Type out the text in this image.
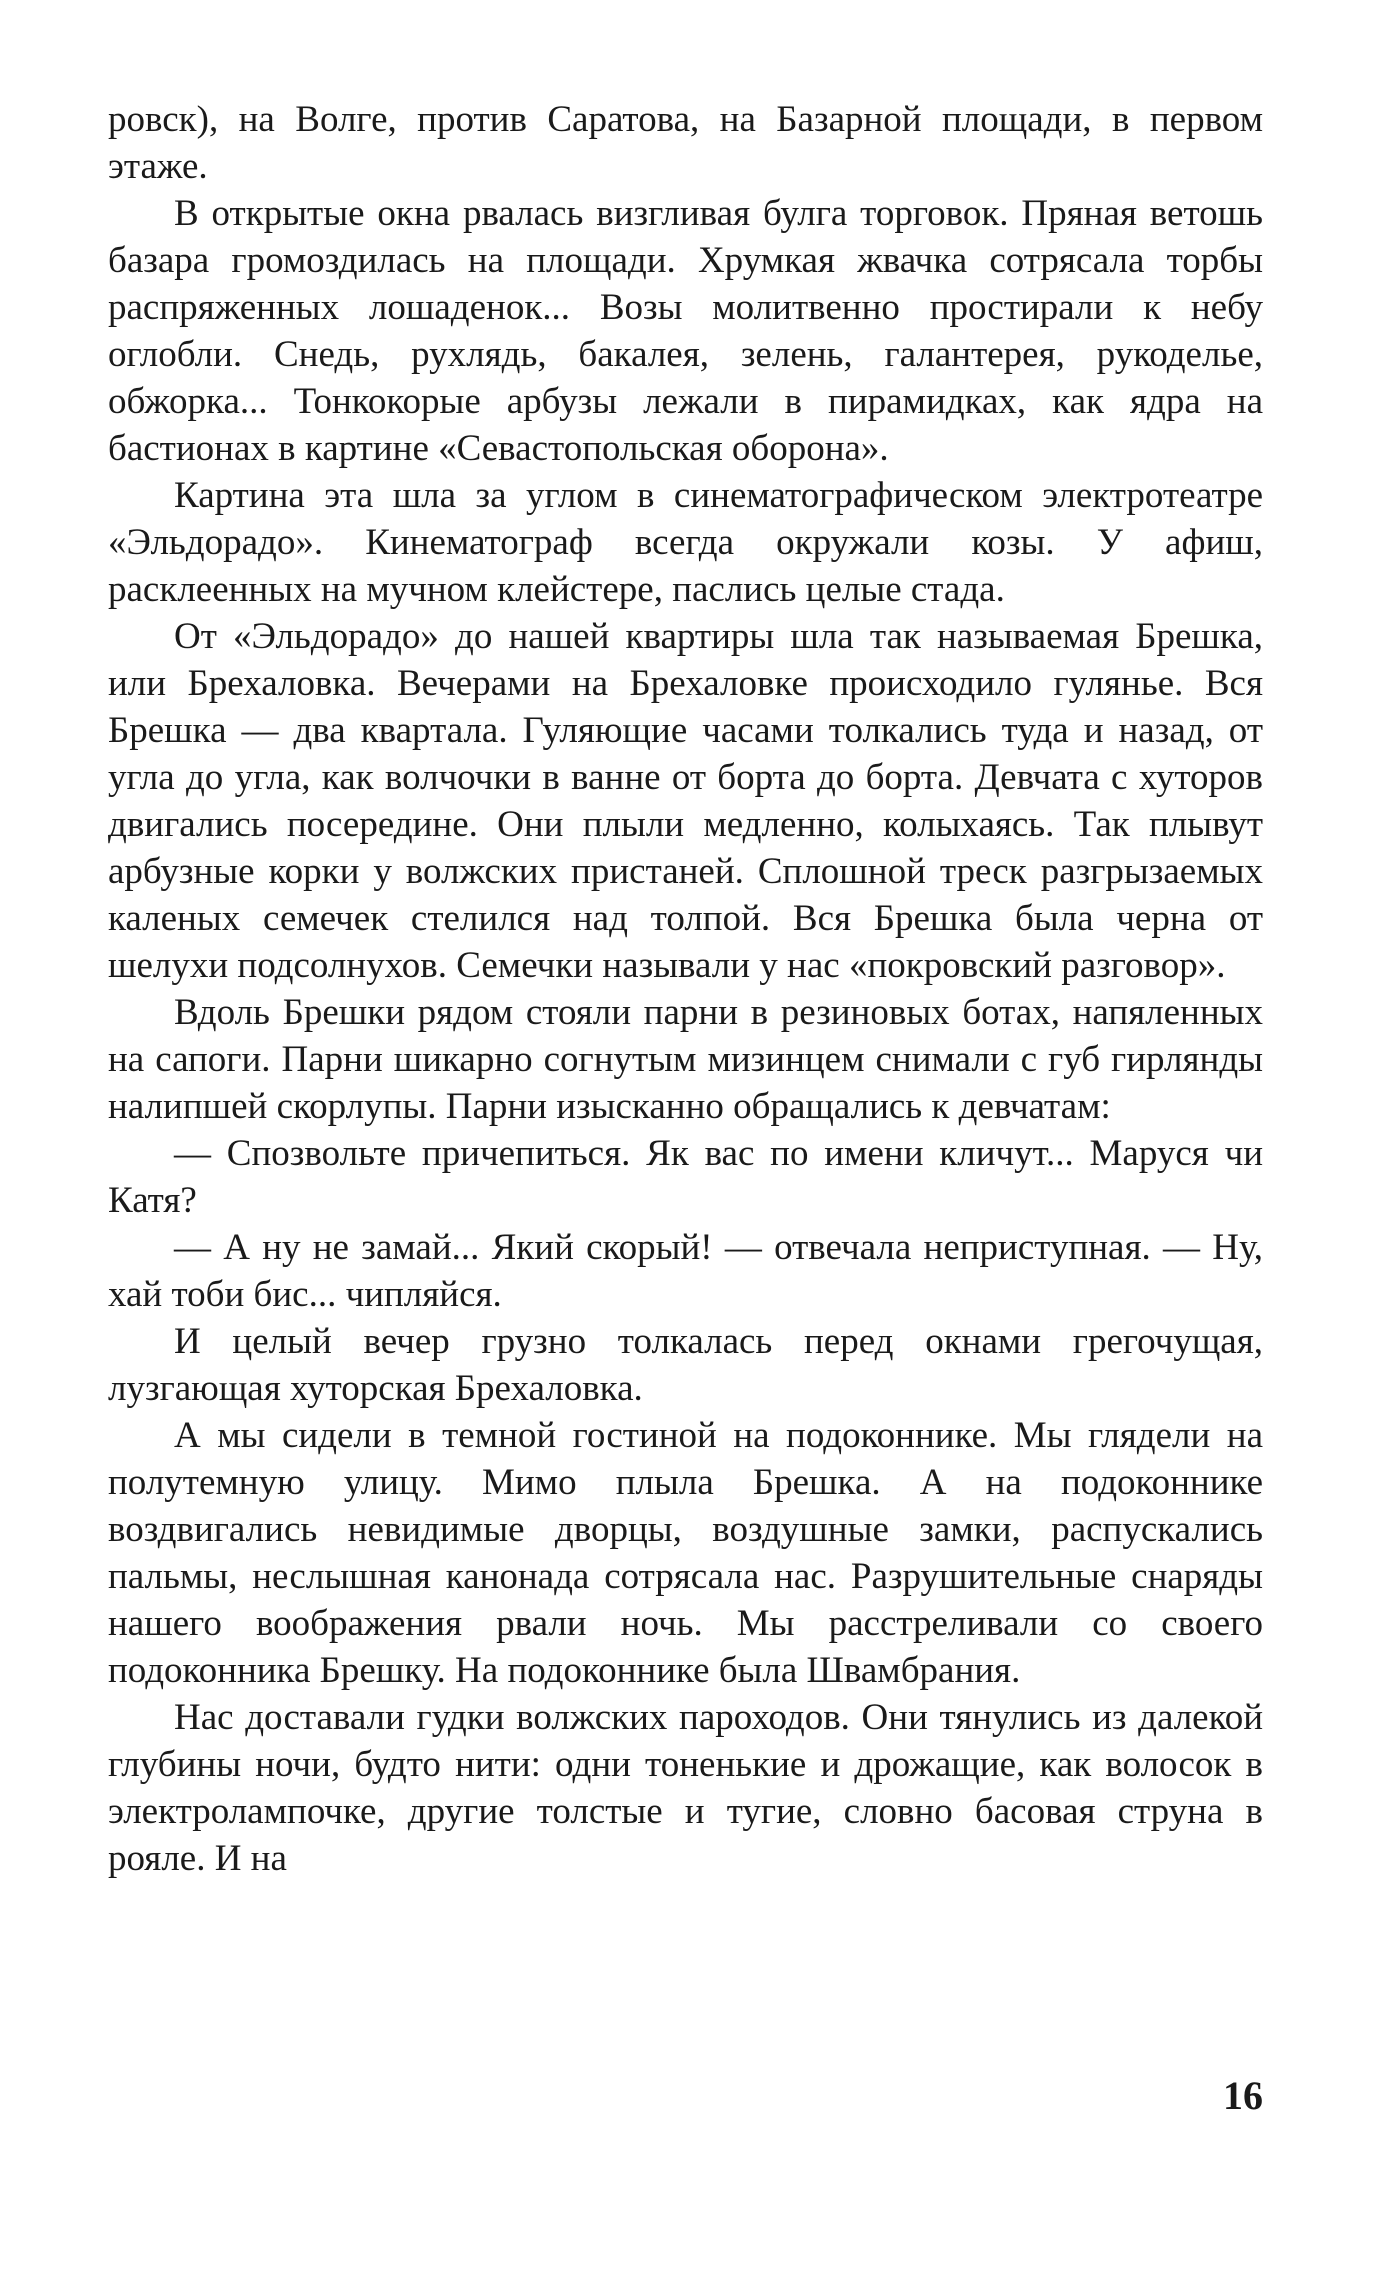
ровск), на Волге, против Саратова, на Базарной площади, в первом этаже.

В открытые окна рвалась визгливая булга торговок. Пряная ветошь базара громоздилась на площади. Хрумкая жвачка сотрясала торбы распряженных лошаденок... Возы молитвенно простирали к небу оглобли. Снедь, рухлядь, бакалея, зелень, галантерея, рукоделье, обжорка... Тонкокорые арбузы лежали в пирамидках, как ядра на бастионах в картине «Севастопольская оборона».

Картина эта шла за углом в синематографическом электротеатре «Эльдорадо». Кинематограф всегда окружали козы. У афиш, расклеенных на мучном клейстере, паслись целые стада.

От «Эльдорадо» до нашей квартиры шла так называемая Брешка, или Брехаловка. Вечерами на Брехаловке происходило гулянье. Вся Брешка — два квартала. Гуляющие часами толкались туда и назад, от угла до угла, как волчочки в ванне от борта до борта. Девчата с хуторов двигались посередине. Они плыли медленно, колыхаясь. Так плывут арбузные корки у волжских пристаней. Сплошной треск разгрызаемых каленых семечек стелился над толпой. Вся Брешка была черна от шелухи подсолнухов. Семечки называли у нас «покровский разговор».

Вдоль Брешки рядом стояли парни в резиновых ботах, напяленных на сапоги. Парни шикарно согнутым мизинцем снимали с губ гирлянды налипшей скорлупы. Парни изысканно обращались к девчатам:

— Спозвольте причепиться. Як вас по имени кличут... Маруся чи Катя?

— А ну не замай... Який скорый! — отвечала неприступная. — Ну, хай тоби бис... чипляйся.

И целый вечер грузно толкалась перед окнами грегочущая, лузгающая хуторская Брехаловка.

А мы сидели в темной гостиной на подоконнике. Мы глядели на полутемную улицу. Мимо плыла Брешка. А на подоконнике воздвигались невидимые дворцы, воздушные замки, распускались пальмы, неслышная канонада сотрясала нас. Разрушительные снаряды нашего воображения рвали ночь. Мы расстреливали со своего подоконника Брешку. На подоконнике была Швамбрания.

Нас доставали гудки волжских пароходов. Они тянулись из далекой глубины ночи, будто нити: одни тоненькие и дрожащие, как волосок в электролампочке, другие толстые и тугие, словно басовая струна в рояле. И на

16
